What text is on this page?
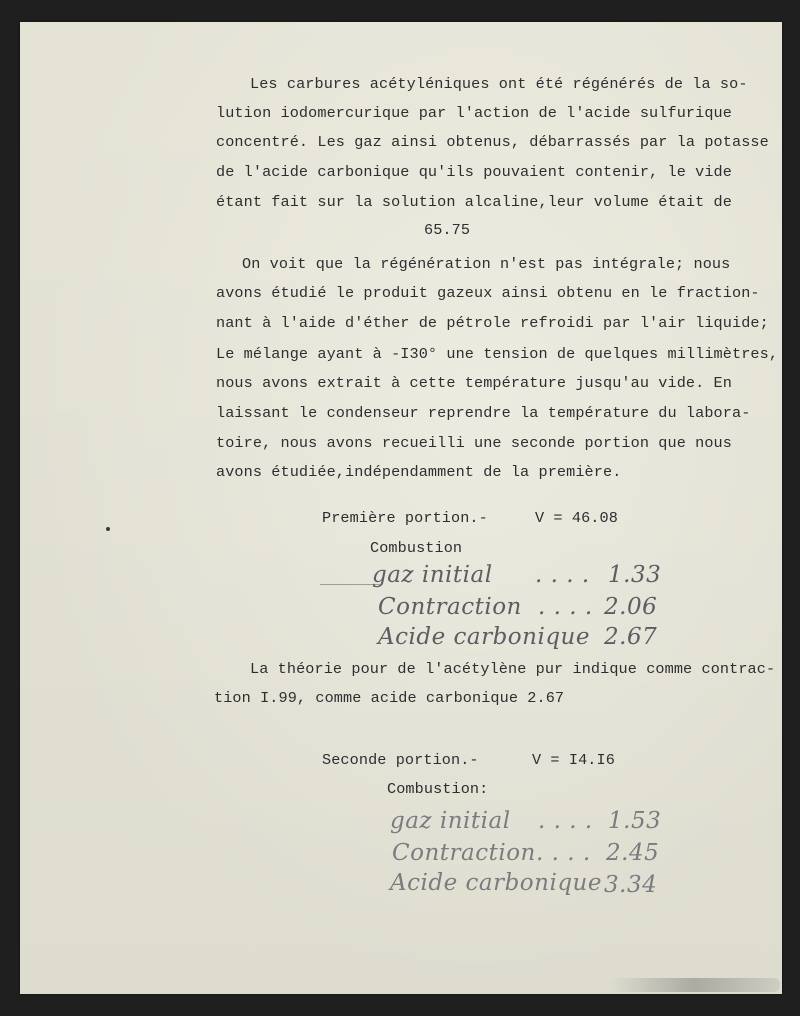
Les carbures acétyléniques ont été régénérés de la so-
lution iodomercurique par l'action de l'acide sulfurique
concentré. Les gaz ainsi obtenus, débarrassés par la potasse
de l'acide carbonique qu'ils pouvaient contenir, le vide
étant fait sur la solution alcaline,leur volume était de
65.75
On voit que la régénération n'est pas intégrale; nous
avons étudié le produit gazeux ainsi obtenu en le fraction-
nant à l'aide d'éther de pétrole refroidi par l'air liquide;
Le mélange ayant à -I30° une tension de quelques millimètres,
nous avons extrait à cette température jusqu'au vide. En
laissant le condenseur reprendre la température du labora-
toire, nous avons recueilli une seconde portion que nous
avons étudiée,indépendamment de la première.
Première portion.-	V = 46.08
Combustion
gaz initial . . . . 1.33
Contraction . . . . 2.06
Acide carbonique 2.67
La théorie pour de l'acétylène pur indique comme contrac-
tion I.99, comme acide carbonique 2.67
Seconde portion.-	V = I4.I6
Combustion:
gaz initial . . . . 1.53
Contraction . . . . 2.45
Acide carbonique 3.34
